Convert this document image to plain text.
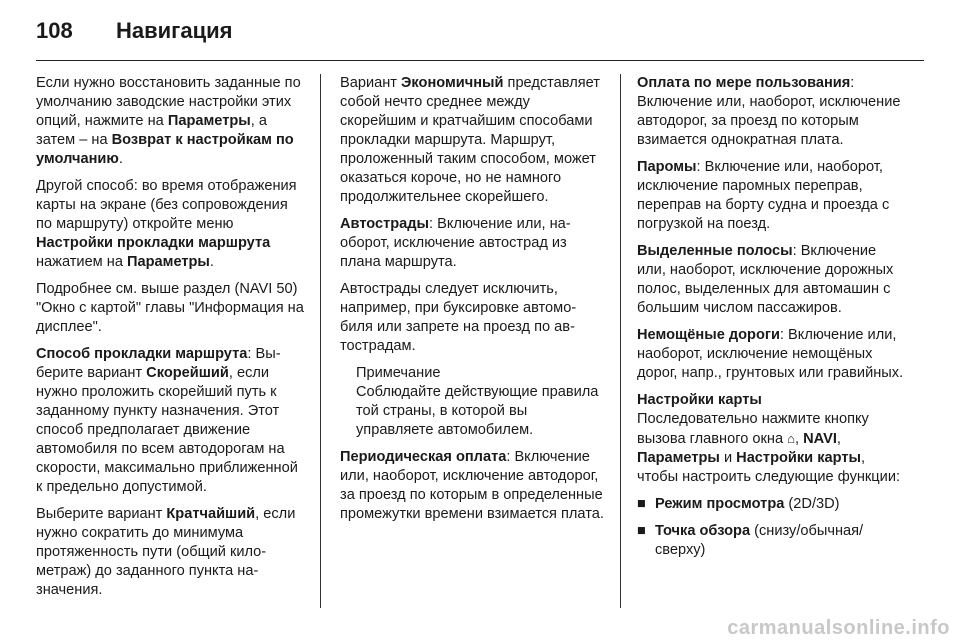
108 Навигация

Если нужно восстановить заданные по умолчанию заводские настройки этих опций, нажмите на Параметры, а затем – на Возврат к настройкам по умолчанию.

Другой способ: во время отображения карты на экране (без сопровождения по маршруту) откройте меню Настройки прокладки маршрута нажатием на Параметры.

Подробнее см. выше раздел (NAVI 50) "Окно с картой" главы "Информация на дисплее".

Способ прокладки маршрута: Выберите вариант Скорейший, если нужно проложить скорейший путь к заданному пункту назначения. Этот способ предполагает движение автомобиля по всем автодорогам на скорости, максимально приближенной к предельно допустимой.

Выберите вариант Кратчайший, если нужно сократить до минимума протяженность пути (общий километраж) до заданного пункта назначения.

Вариант Экономичный представляет собой нечто среднее между скорейшим и кратчайшим способами прокладки маршрута. Маршрут, проложенный таким способом, может оказаться короче, но не намного продолжительнее скорейшего.

Автострады: Включение или, наоборот, исключение автострад из плана маршрута.

Автострады следует исключить, например, при буксировке автомобиля или запрете на проезд по автострадам.

Примечание

Соблюдайте действующие правила той страны, в которой вы управляете автомобилем.

Периодическая оплата: Включение или, наоборот, исключение автодорог, за проезд по которым в определенные промежутки времени взимается плата.

Оплата по мере пользования: Включение или, наоборот, исключение автодорог, за проезд по которым взимается однократная плата.

Паромы: Включение или, наоборот, исключение паромных переправ, переправ на борту судна и проезда с погрузкой на поезд.

Выделенные полосы: Включение или, наоборот, исключение дорожных полос, выделенных для автомашин с большим числом пассажиров.

Немощёные дороги: Включение или, наоборот, исключение немощёных дорог, напр., грунтовых или гравийных.

Настройки карты

Последовательно нажмите кнопку вызова главного окна ⌂, NAVI, Параметры и Настройки карты, чтобы настроить следующие функции:

■ Режим просмотра (2D/3D)
■ Точка обзора (снизу/обычная/ сверху)
carmanualsonline.info
